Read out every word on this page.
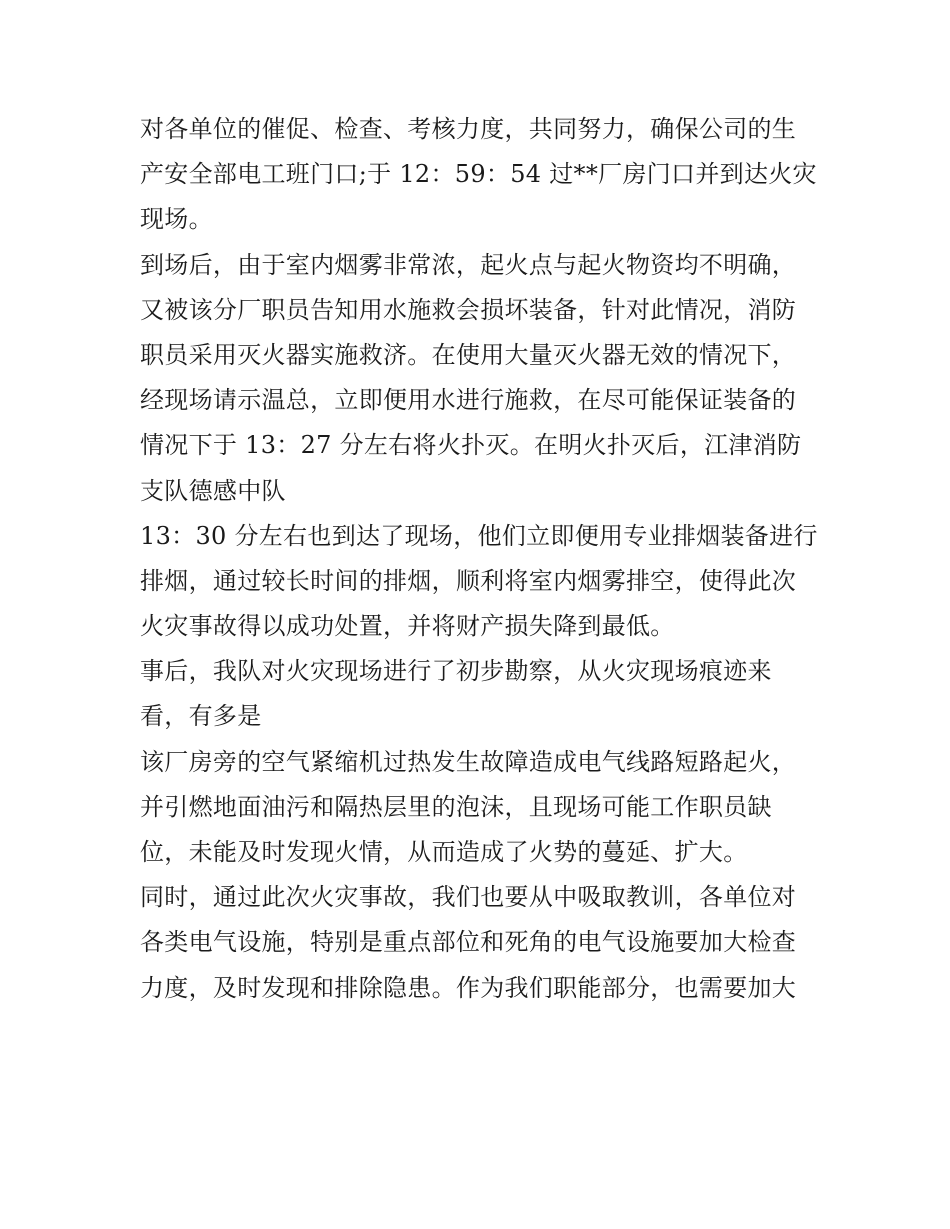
对各单位的催促、检查、考核力度，共同努力，确保公司的生
产安全部电工班门口;于 12：59：54 过**厂房门口并到达火灾
现场。
到场后，由于室内烟雾非常浓，起火点与起火物资均不明确，
又被该分厂职员告知用水施救会损坏装备，针对此情况，消防
职员采用灭火器实施救济。在使用大量灭火器无效的情况下，
经现场请示温总，立即便用水进行施救，在尽可能保证装备的
情况下于 13：27 分左右将火扑灭。在明火扑灭后，江津消防
支队德感中队
13：30 分左右也到达了现场，他们立即便用专业排烟装备进行
排烟，通过较长时间的排烟，顺利将室内烟雾排空，使得此次
火灾事故得以成功处置，并将财产损失降到最低。
事后，我队对火灾现场进行了初步勘察，从火灾现场痕迹来
看，有多是
该厂房旁的空气紧缩机过热发生故障造成电气线路短路起火，
并引燃地面油污和隔热层里的泡沫，且现场可能工作职员缺
位，未能及时发现火情，从而造成了火势的蔓延、扩大。
同时，通过此次火灾事故，我们也要从中吸取教训，各单位对
各类电气设施，特别是重点部位和死角的电气设施要加大检查
力度，及时发现和排除隐患。作为我们职能部分，也需要加大
